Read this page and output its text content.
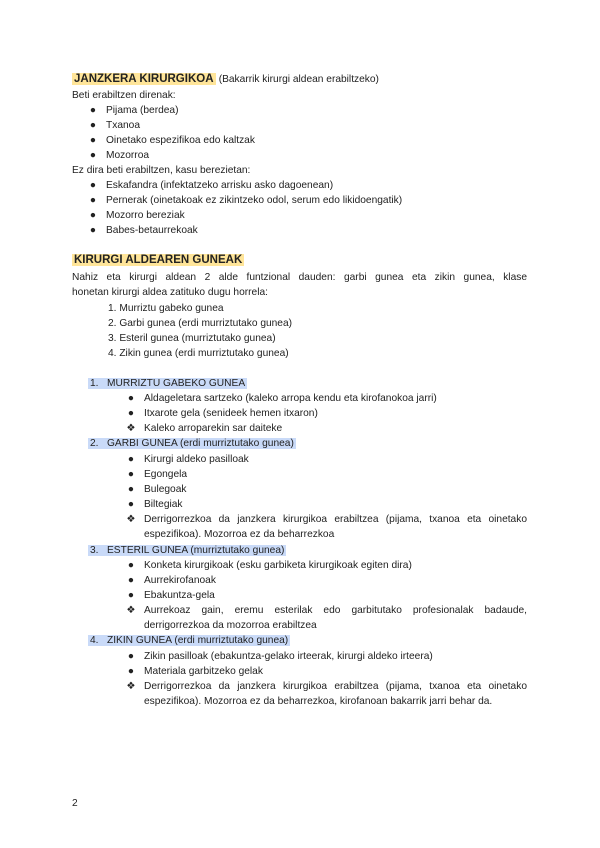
JANZKERA KIRURGIKOA (Bakarrik kirurgi aldean erabiltzeko)
Beti erabiltzen direnak:
● Pijama (berdea)
● Txanoa
● Oinetako espezifikoa edo kaltzak
● Mozorroa
Ez dira beti erabiltzen, kasu berezietan:
● Eskafandra (infektatzeko arrisku asko dagoenean)
● Pernerak (oinetakoak ez zikintzeko odol, serum edo likidoengatik)
● Mozorro bereziak
● Babes-betaurrekoak
KIRURGI ALDEAREN GUNEAK
Nahiz eta kirurgi aldean 2 alde funtzional dauden: garbi gunea eta zikin gunea, klase
honetan kirurgi aldea zatituko dugu horrela:
1. Murriztu gabeko gunea
2. Garbi gunea (erdi murriztutako gunea)
3. Esteril gunea (murriztutako gunea)
4. Zikin gunea (erdi murriztutako gunea)
1. MURRIZTU GABEKO GUNEA
● Aldageletara sartzeko (kaleko arropa kendu eta kirofanokoa jarri)
● Itxarote gela (senideek hemen itxaron)
❖ Kaleko arroparekin sar daiteke
2. GARBI GUNEA (erdi murriztutako gunea)
● Kirurgi aldeko pasilloak
● Egongela
● Bulegoak
● Biltegiak
❖ Derrigorrezkoa da janzkera kirurgikoa erabiltzea (pijama, txanoa eta oinetako espezifikoa). Mozorroa ez da beharrezkoa
3. ESTERIL GUNEA (murriztutako gunea)
● Konketa kirurgikoak (esku garbiketa kirurgikoak egiten dira)
● Aurrekirofanoak
● Ebakuntza-gela
❖ Aurrekoaz gain, eremu esterilak edo garbitutako profesionalak badaude, derrigorrezkoa da mozorroa erabiltzea
4. ZIKIN GUNEA (erdi murriztutako gunea)
● Zikin pasilloak (ebakuntza-gelako irteerak, kirurgi aldeko irteera)
● Materiala garbitzeko gelak
❖ Derrigorrezkoa da janzkera kirurgikoa erabiltzea (pijama, txanoa eta oinetako espezifikoa). Mozorroa ez da beharrezkoa, kirofanoan bakarrik jarri behar da.
2
